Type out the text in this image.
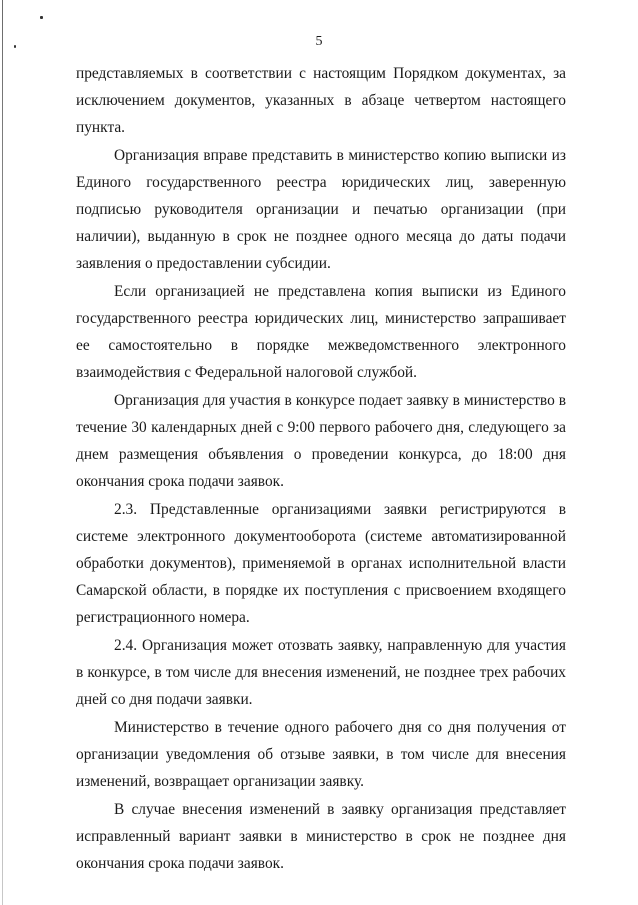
5

представляемых в соответствии с настоящим Порядком документах, за исключением документов, указанных в абзаце четвертом настоящего пункта.

Организация вправе представить в министерство копию выписки из Единого государственного реестра юридических лиц, заверенную подписью руководителя организации и печатью организации (при наличии), выданную в срок не позднее одного месяца до даты подачи заявления о предоставлении субсидии.

Если организацией не представлена копия выписки из Единого государственного реестра юридических лиц, министерство запрашивает ее самостоятельно в порядке межведомственного электронного взаимодействия с Федеральной налоговой службой.

Организация для участия в конкурсе подает заявку в министерство в течение 30 календарных дней с 9:00 первого рабочего дня, следующего за днем размещения объявления о проведении конкурса, до 18:00 дня окончания срока подачи заявок.

2.3. Представленные организациями заявки регистрируются в системе электронного документооборота (системе автоматизированной обработки документов), применяемой в органах исполнительной власти Самарской области, в порядке их поступления с присвоением входящего регистрационного номера.

2.4. Организация может отозвать заявку, направленную для участия в конкурсе, в том числе для внесения изменений, не позднее трех рабочих дней со дня подачи заявки.

Министерство в течение одного рабочего дня со дня получения от организации уведомления об отзыве заявки, в том числе для внесения изменений, возвращает организации заявку.

В случае внесения изменений в заявку организация представляет исправленный вариант заявки в министерство в срок не позднее дня окончания срока подачи заявок.
